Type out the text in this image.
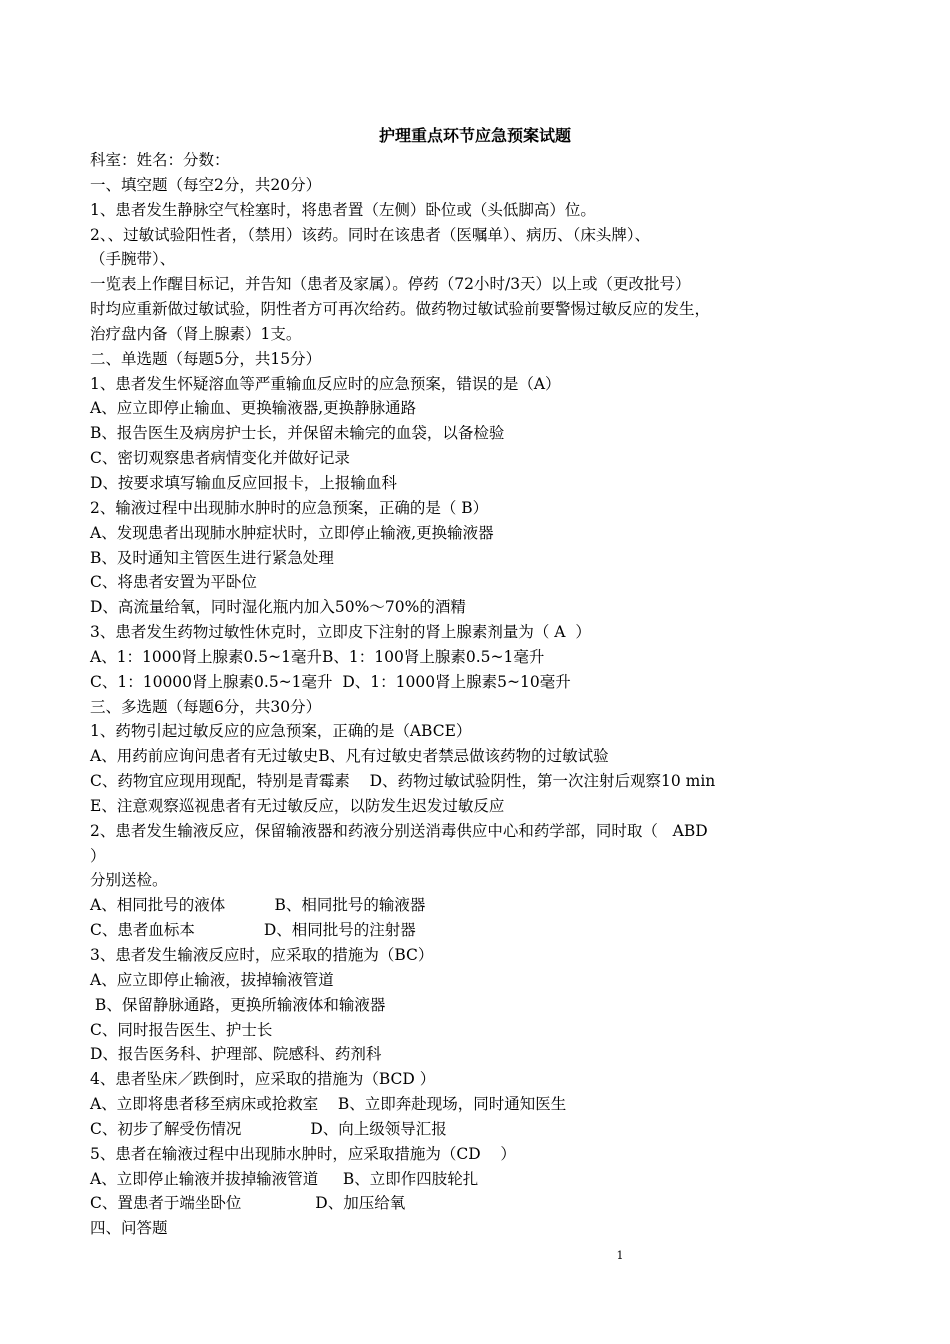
护理重点环节应急预案试题
科室：姓名：分数：
一、填空题（每空2分，共20分）
1、患者发生静脉空气栓塞时，将患者置（左侧）卧位或（头低脚高）位。
2、、过敏试验阳性者，（禁用）该药。同时在该患者（医嘱单）、病历、（床头牌）、
（手腕带）、
一览表上作醒目标记，并告知（患者及家属）。停药（72小时/3天）以上或（更改批号）
时均应重新做过敏试验，阴性者方可再次给药。做药物过敏试验前要警惕过敏反应的发生，
治疗盘内备（肾上腺素）1支。
二、单选题（每题5分，共15分）
1、患者发生怀疑溶血等严重输血反应时的应急预案，错误的是（A）
A、应立即停止输血、更换输液器,更换静脉通路
B、报告医生及病房护士长，并保留未输完的血袋，以备检验
C、密切观察患者病情变化并做好记录
D、按要求填写输血反应回报卡，上报输血科
2、输液过程中出现肺水肿时的应急预案，正确的是（ B）
A、发现患者出现肺水肿症状时，立即停止输液,更换输液器
B、及时通知主管医生进行紧急处理
C、将患者安置为平卧位
D、高流量给氧，同时湿化瓶内加入50%～70%的酒精
3、患者发生药物过敏性休克时，立即皮下注射的肾上腺素剂量为（ A  ）
A、1：1000肾上腺素0.5~1毫升B、1：100肾上腺素0.5~1毫升
C、1：10000肾上腺素0.5~1毫升  D、1：1000肾上腺素5~10毫升
三、多选题（每题6分，共30分）
1、药物引起过敏反应的应急预案，正确的是（ABCE）
A、用药前应询问患者有无过敏史B、凡有过敏史者禁忌做该药物的过敏试验
C、药物宜应现用现配，特别是青霉素    D、药物过敏试验阴性，第一次注射后观察10 min
E、注意观察巡视患者有无过敏反应，以防发生迟发过敏反应
2、患者发生输液反应，保留输液器和药液分别送消毒供应中心和药学部，同时取（   ABD
）
分别送检。
A、相同批号的液体          B、相同批号的输液器
C、患者血标本              D、相同批号的注射器
3、患者发生输液反应时，应采取的措施为（BC）
A、应立即停止输液，拔掉输液管道
B、保留静脉通路，更换所输液体和输液器
C、同时报告医生、护士长
D、报告医务科、护理部、院感科、药剂科
4、患者坠床／跌倒时，应采取的措施为（BCD ）
A、立即将患者移至病床或抢救室    B、立即奔赴现场，同时通知医生
C、初步了解受伤情况              D、向上级领导汇报
5、患者在输液过程中出现肺水肿时，应采取措施为（CD    ）
A、立即停止输液并拔掉输液管道     B、立即作四肢轮扎
C、置患者于端坐卧位               D、加压给氧
四、问答题
1
